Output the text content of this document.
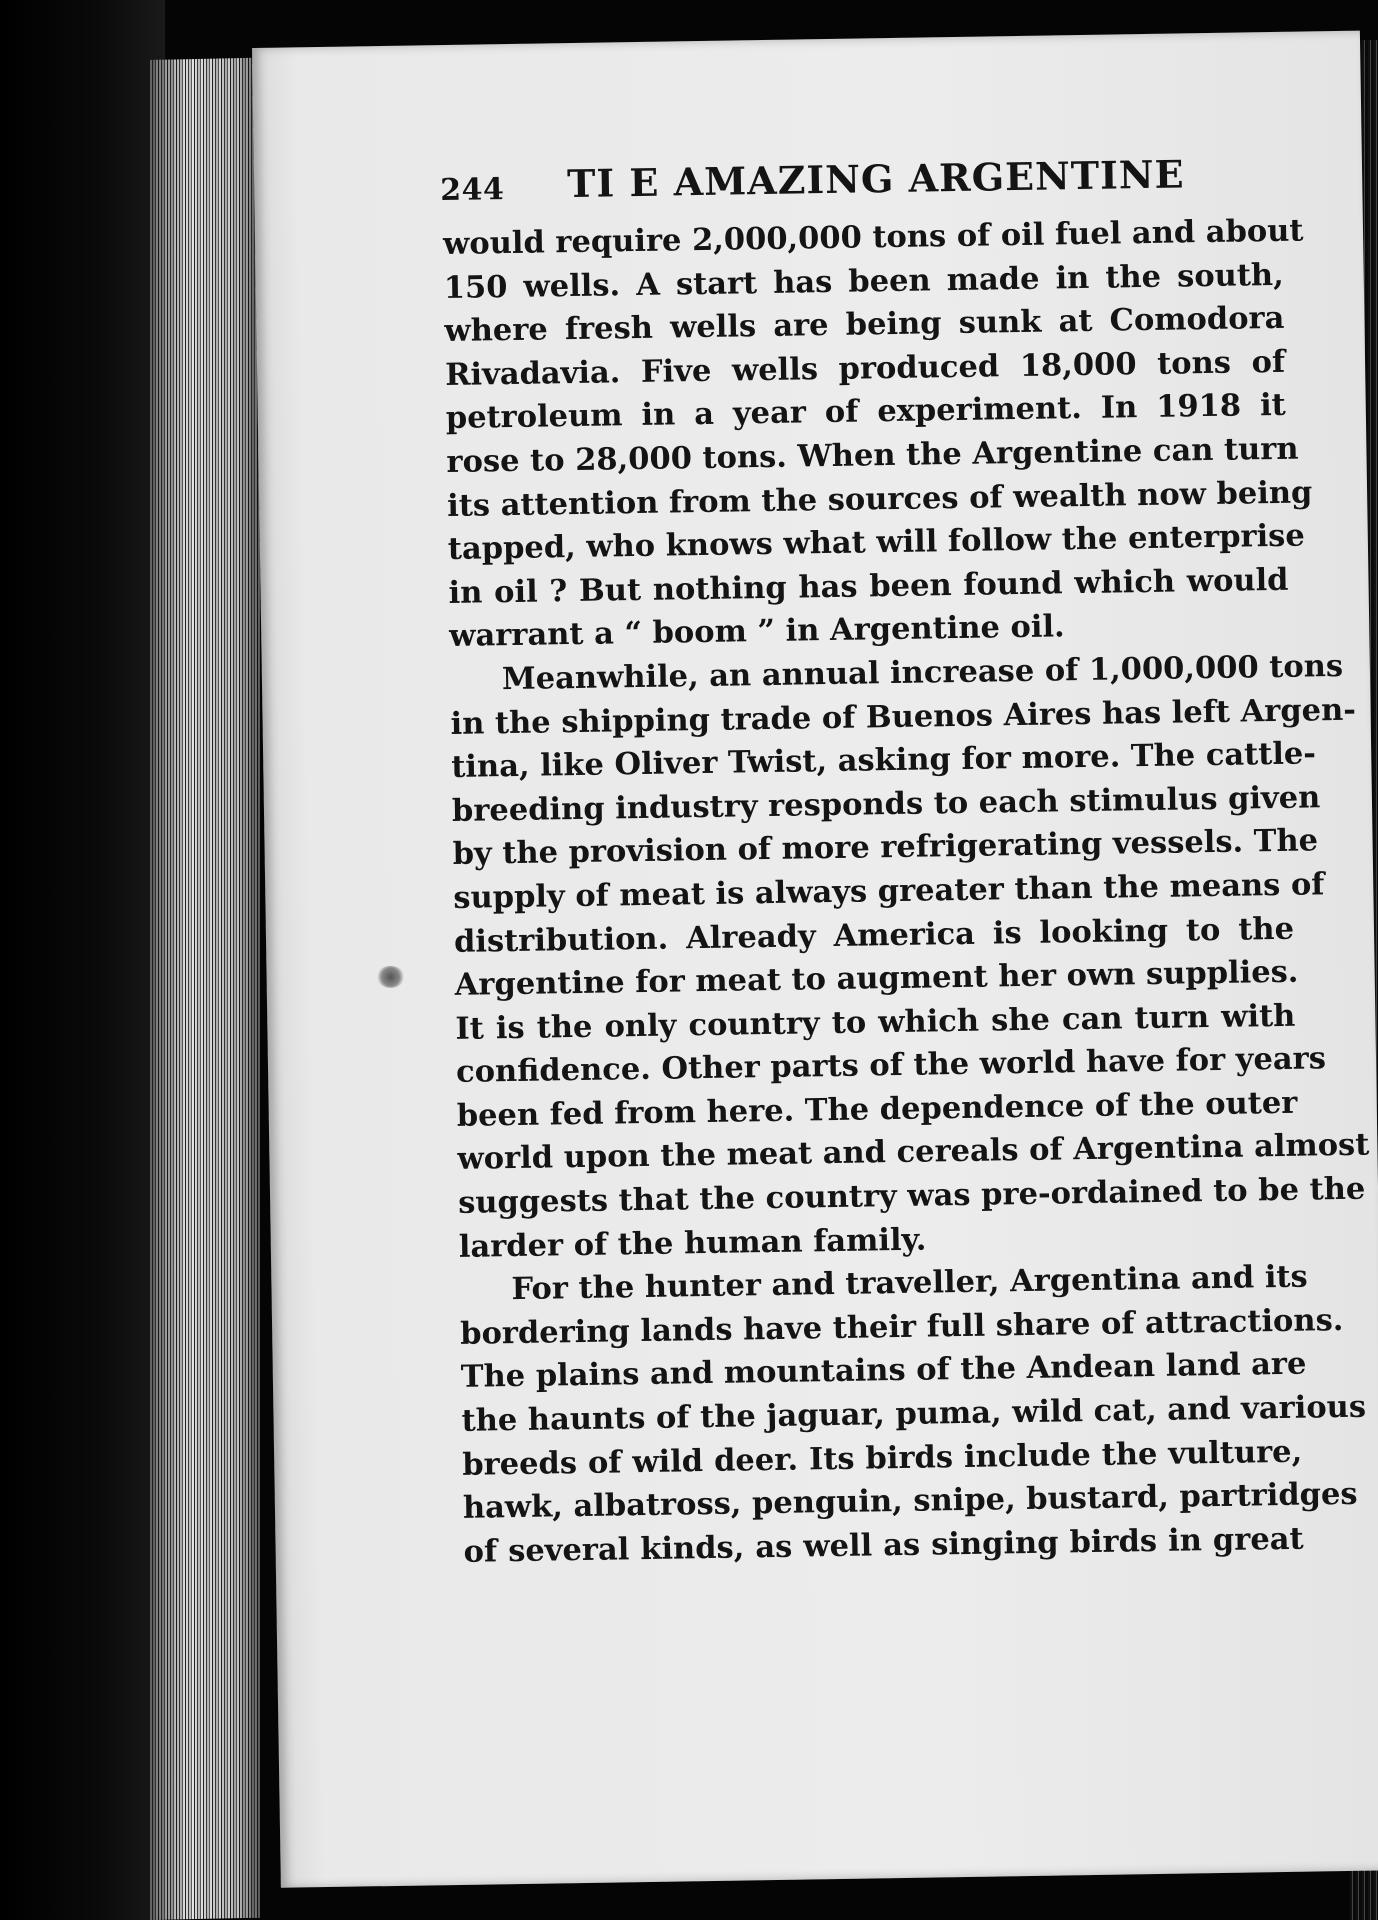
244 TI E AMAZING ARGENTINE
would require 2,000,000 tons of oil fuel and about
150 wells. A start has been made in the south,
where fresh wells are being sunk at Comodora
Rivadavia. Five wells produced 18,000 tons of
petroleum in a year of experiment. In 1918 it
rose to 28,000 tons. When the Argentine can turn
its attention from the sources of wealth now being
tapped, who knows what will follow the enterprise
in oil ? But nothing has been found which would
warrant a “ boom ” in Argentine oil.
Meanwhile, an annual increase of 1,000,000 tons
in the shipping trade of Buenos Aires has left Argen-
tina, like Oliver Twist, asking for more. The cattle-
breeding industry responds to each stimulus given
by the provision of more refrigerating vessels. The
supply of meat is always greater than the means of
distribution. Already America is looking to the
Argentine for meat to augment her own supplies.
It is the only country to which she can turn with
confidence. Other parts of the world have for years
been fed from here. The dependence of the outer
world upon the meat and cereals of Argentina almost
suggests that the country was pre-ordained to be the
larder of the human family.
For the hunter and traveller, Argentina and its
bordering lands have their full share of attractions.
The plains and mountains of the Andean land are
the haunts of the jaguar, puma, wild cat, and various
breeds of wild deer. Its birds include the vulture,
hawk, albatross, penguin, snipe, bustard, partridges
of several kinds, as well as singing birds in great
